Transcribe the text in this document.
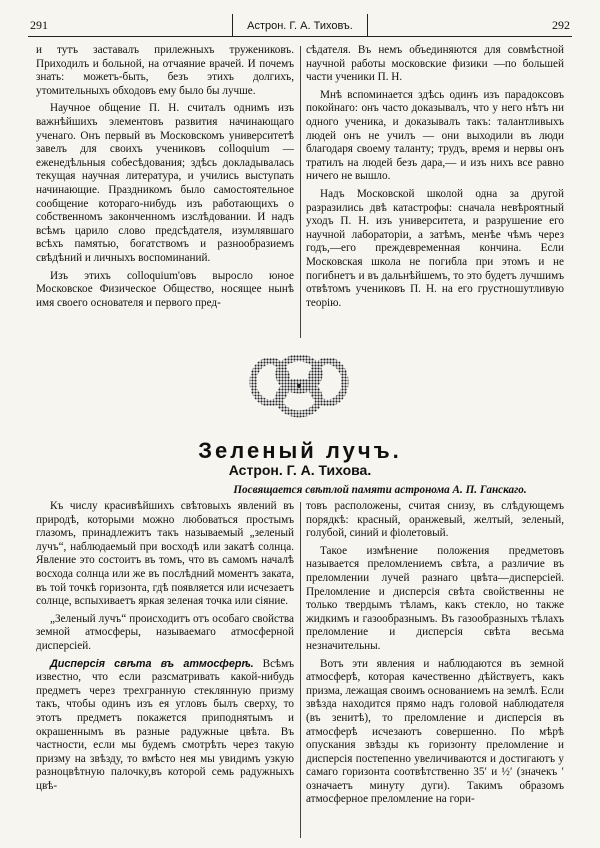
291	Астрон. Г. А. Тиховъ.	292

и тутъ заставалъ прилежныхъ тружениковъ. Приходилъ и больной, на отчаяние врачей. И почемъ знать: можетъ-быть, безъ этихъ долгихъ, утомительныхъ обходовъ ему было бы лучше.

Научное общение П. Н. считалъ однимъ изъ важнѣйшихъ элементовъ развития начинающаго ученаго. Онъ первый въ Московскомъ университетѣ завелъ для своихъ учениковъ colloquium — еженедѣльныя собесѣдования; здѣсь докладывалась текущая научная литература, и учились выступать начинающие. Праздникомъ было самостоятельное сообщение котораго-нибудь изъ работающихъ о собственномъ законченномъ изслѣдовании. И надъ всѣмъ царило слово предсѣдателя, изумлявшаго всѣхъ памятью, богатствомъ и разнообразиемъ свѣдѣний и личныхъ воспоминаний.

Изъ этихъ colloquium'овъ выросло юное Московское Физическое Общество, носящее нынѣ имя своего основателя и первого пред-

сѣдателя. Въ немъ объединяются для совмѣстной научной работы московские физики —по большей части ученики П. Н.

Мнѣ вспоминается здѣсь одинъ изъ парадоксовъ покойнаго: онъ часто доказывалъ, что у него нѣтъ ни одного ученика, и доказывалъ такъ: талантливыхъ людей онъ не училъ — они выходили въ люди благодаря своему таланту; трудъ, время и нервы онъ тратилъ на людей безъ дара,— и изъ нихъ все равно ничего не вышло.

Надъ Московской школой одна за другой разразились двѣ катастрофы: сначала невѣроятный уходъ П. Н. изъ университета, и разрушение его научной лабораторiи, а затѣмъ, менѣе чѣмъ через годъ,—его преждевременная кончина. Если Московская школа не погибла при этомъ и не погибнетъ и въ дальнѣйшемъ, то это будетъ лучшимъ отвѣтомъ учениковъ П. Н. на его грустношутливую теорiю.

Зеленый лучъ.
Астрон. Г. А. Тихова.
Посвящается свѣтлой памяти астронома А. П. Ганскаго.

Къ числу красивѣйшихъ свѣтовыхъ явлений въ природѣ, которыми можно любоваться простымъ глазомъ, принадлежитъ такъ называемый „зеленый лучъ“, наблюдаемый при восходѣ или закатѣ солнца. Явление это состоитъ въ томъ, что въ самомъ началѣ восхода солнца или же въ послѣдний моментъ заката, въ той точкѣ горизонта, гдѣ появляется или исчезаетъ солнце, вспыхиваетъ яркая зеленая точка или сiяние.

„Зеленый лучъ“ происходитъ отъ особаго свойства земной атмосферы, называемаго атмосферной дисперсiей.

Дисперсiя свѣта въ атмосферѣ. Всѣмъ известно, что если разсматривать какой-нибудь предметъ через трехгранную стеклянную призму такъ, чтобы одинъ изъ ея угловъ былъ сверху, то этотъ предметъ покажется приподнятымъ и окрашеннымъ въ разные радужные цвѣта. Въ частности, если мы будемъ смотрѣть через такую призму на звѣзду, то вмѣсто нея мы увидимъ узкую разноцвѣтную палочку,въ которой семь радужныхъ цвѣ-

товъ расположены, считая снизу, въ слѣдующемъ порядкѣ: красный, оранжевый, желтый, зеленый, голубой, синий и фiолетовый.

Такое измѣнение положения предметовъ называется преломлениемъ свѣта, а различие въ преломлении лучей разнаго цвѣта—дисперсiей. Преломление и дисперсiя свѣта свойственны не только твердымъ тѣламъ, какъ стекло, но также жидкимъ и газообразнымъ. Въ газообразныхъ тѣлахъ преломление и дисперсiя свѣта весьма незначительны.

Вотъ эти явления и наблюдаются въ земной атмосферѣ, которая качественно дѣйствуетъ, какъ призма, лежащая своимъ основаниемъ на землѣ. Если звѣзда находится прямо надъ головой наблюдателя (въ зенитѣ), то преломление и дисперсiя въ атмосферѣ исчезаютъ совершенно. По мѣрѣ опускания звѣзды къ горизонту преломление и дисперсiя постепенно увеличиваются и достигаютъ у самаго горизонта соотвѣтственно 35′ и ½′ (значекъ ′ означаетъ минуту дуги). Такимъ образомъ атмосферное преломление на гори-
